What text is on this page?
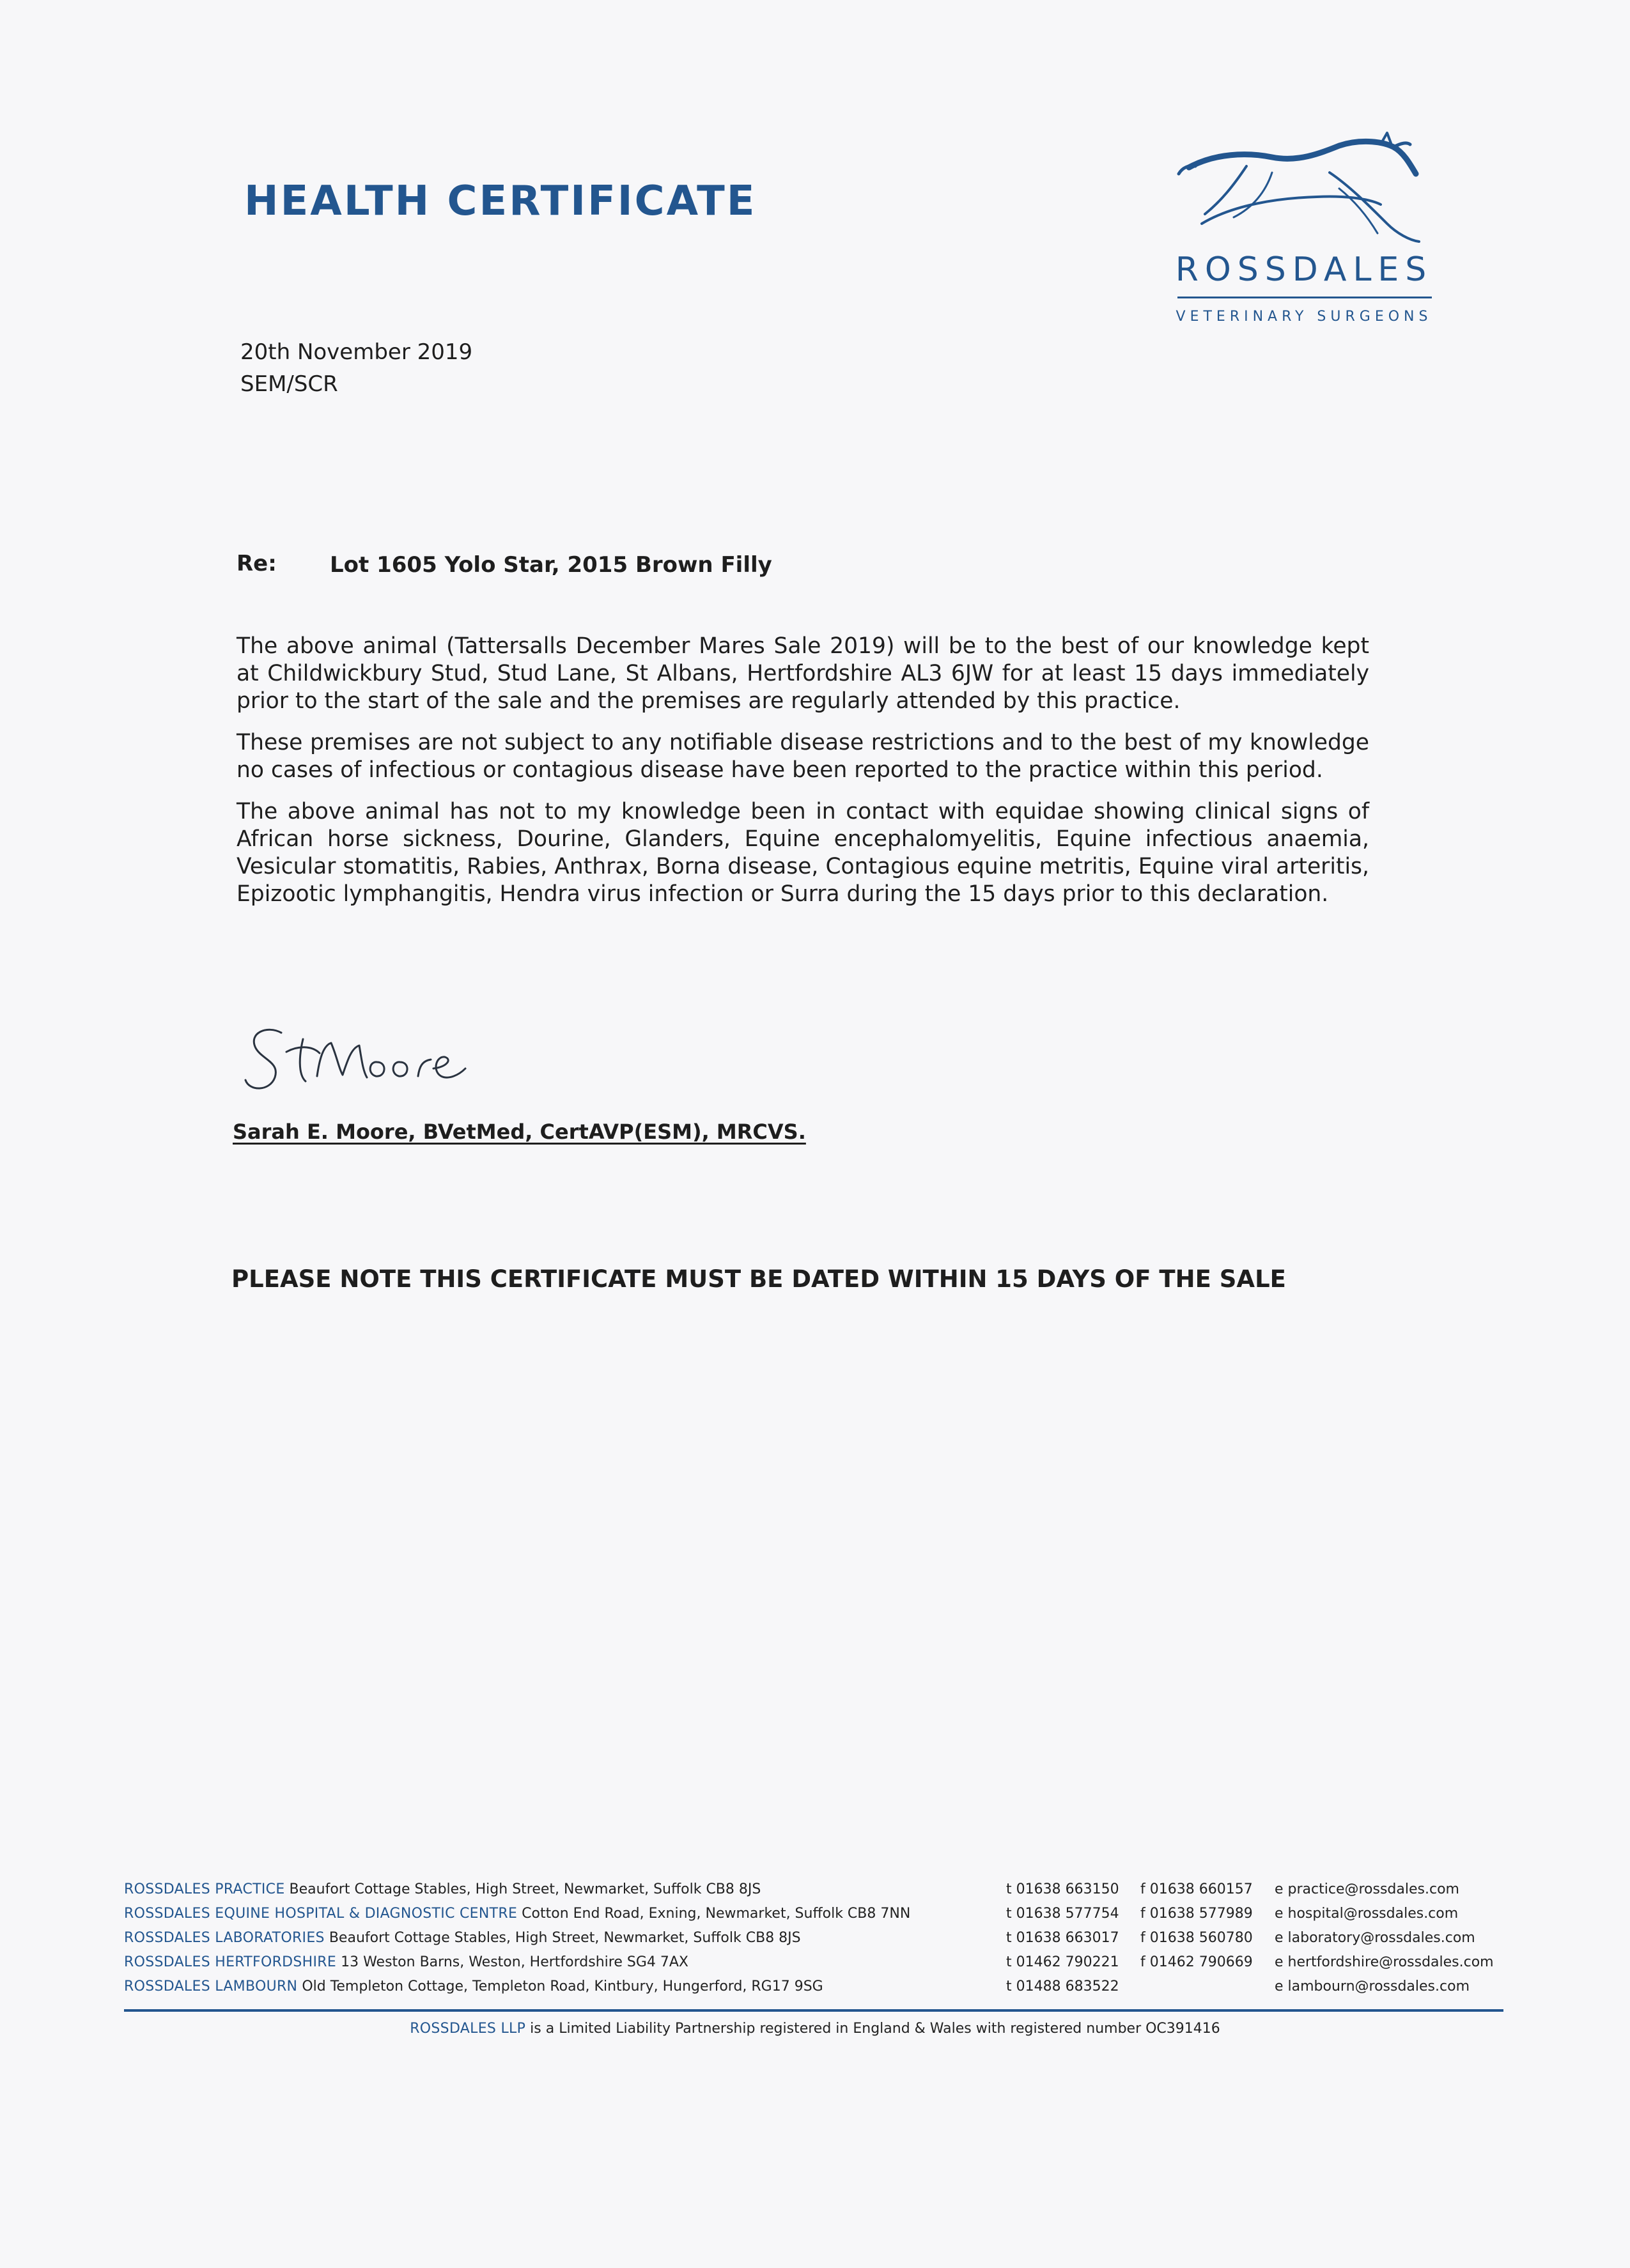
HEALTH CERTIFICATE
ROSSDALES
VETERINARY SURGEONS
20th November 2019
SEM/SCR
Re: Lot 1605 Yolo Star, 2015 Brown Filly

The above animal (Tattersalls December Mares Sale 2019) will be to the best of our knowledge kept at Childwickbury Stud, Stud Lane, St Albans, Hertfordshire AL3 6JW for at least 15 days immediately prior to the start of the sale and the premises are regularly attended by this practice.

These premises are not subject to any notifiable disease restrictions and to the best of my knowledge no cases of infectious or contagious disease have been reported to the practice within this period.

The above animal has not to my knowledge been in contact with equidae showing clinical signs of African horse sickness, Dourine, Glanders, Equine encephalomyelitis, Equine infectious anaemia, Vesicular stomatitis, Rabies, Anthrax, Borna disease, Contagious equine metritis, Equine viral arteritis, Epizootic lymphangitis, Hendra virus infection or Surra during the 15 days prior to this declaration.

Sarah E. Moore, BVetMed, CertAVP(ESM), MRCVS.
PLEASE NOTE THIS CERTIFICATE MUST BE DATED WITHIN 15 DAYS OF THE SALE
ROSSDALES PRACTICE Beaufort Cottage Stables, High Street, Newmarket, Suffolk CB8 8JS	t 01638 663150 f 01638 660157 e practice@rossdales.com
ROSSDALES EQUINE HOSPITAL & DIAGNOSTIC CENTRE Cotton End Road, Exning, Newmarket, Suffolk CB8 7NN	t 01638 577754 f 01638 577989 e hospital@rossdales.com
ROSSDALES LABORATORIES Beaufort Cottage Stables, High Street, Newmarket, Suffolk CB8 8JS	t 01638 663017 f 01638 560780 e laboratory@rossdales.com
ROSSDALES HERTFORDSHIRE 13 Weston Barns, Weston, Hertfordshire SG4 7AX	t 01462 790221 f 01462 790669 e hertfordshire@rossdales.com
ROSSDALES LAMBOURN Old Templeton Cottage, Templeton Road, Kintbury, Hungerford, RG17 9SG	t 01488 683522	e lambourn@rossdales.com
ROSSDALES LLP is a Limited Liability Partnership registered in England & Wales with registered number OC391416
